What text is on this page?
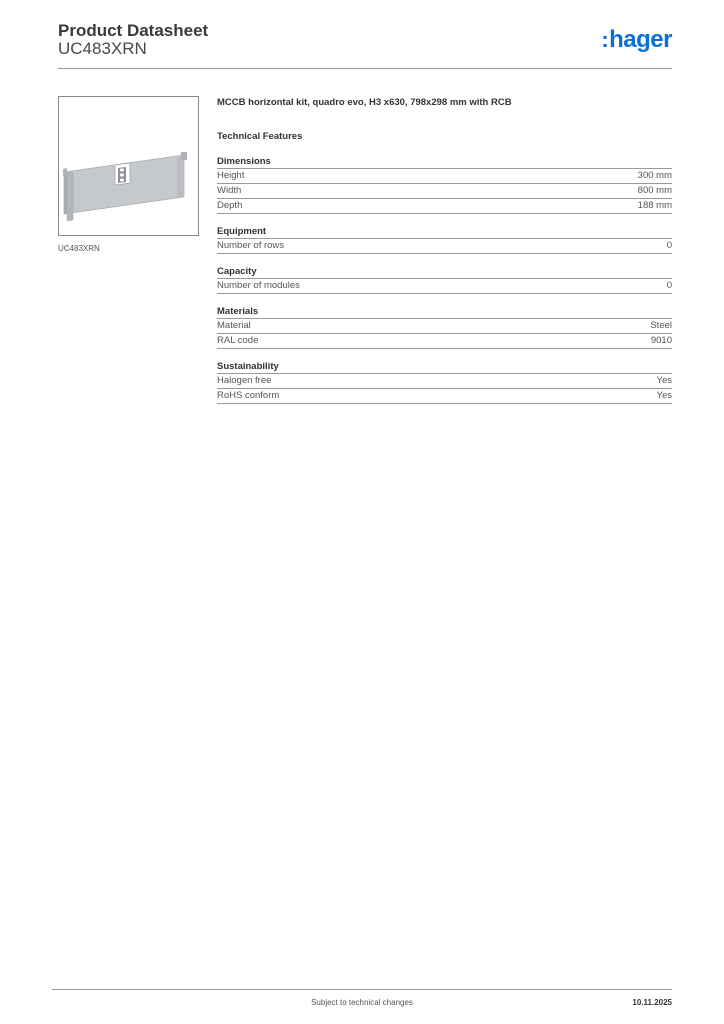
Product Datasheet
UC483XRN	:hager
UC483XRN
MCCB horizontal kit, quadro evo, H3 x630, 798x298 mm with RCB
Technical Features
Dimensions
Height	300 mm
Width	800 mm
Depth	188 mm
Equipment
Number of rows	0
Capacity
Number of modules	0
Materials
Material	Steel
RAL code	9010
Sustainability
Halogen free	Yes
RoHS conform	Yes
Subject to technical changes	10.11.2025
